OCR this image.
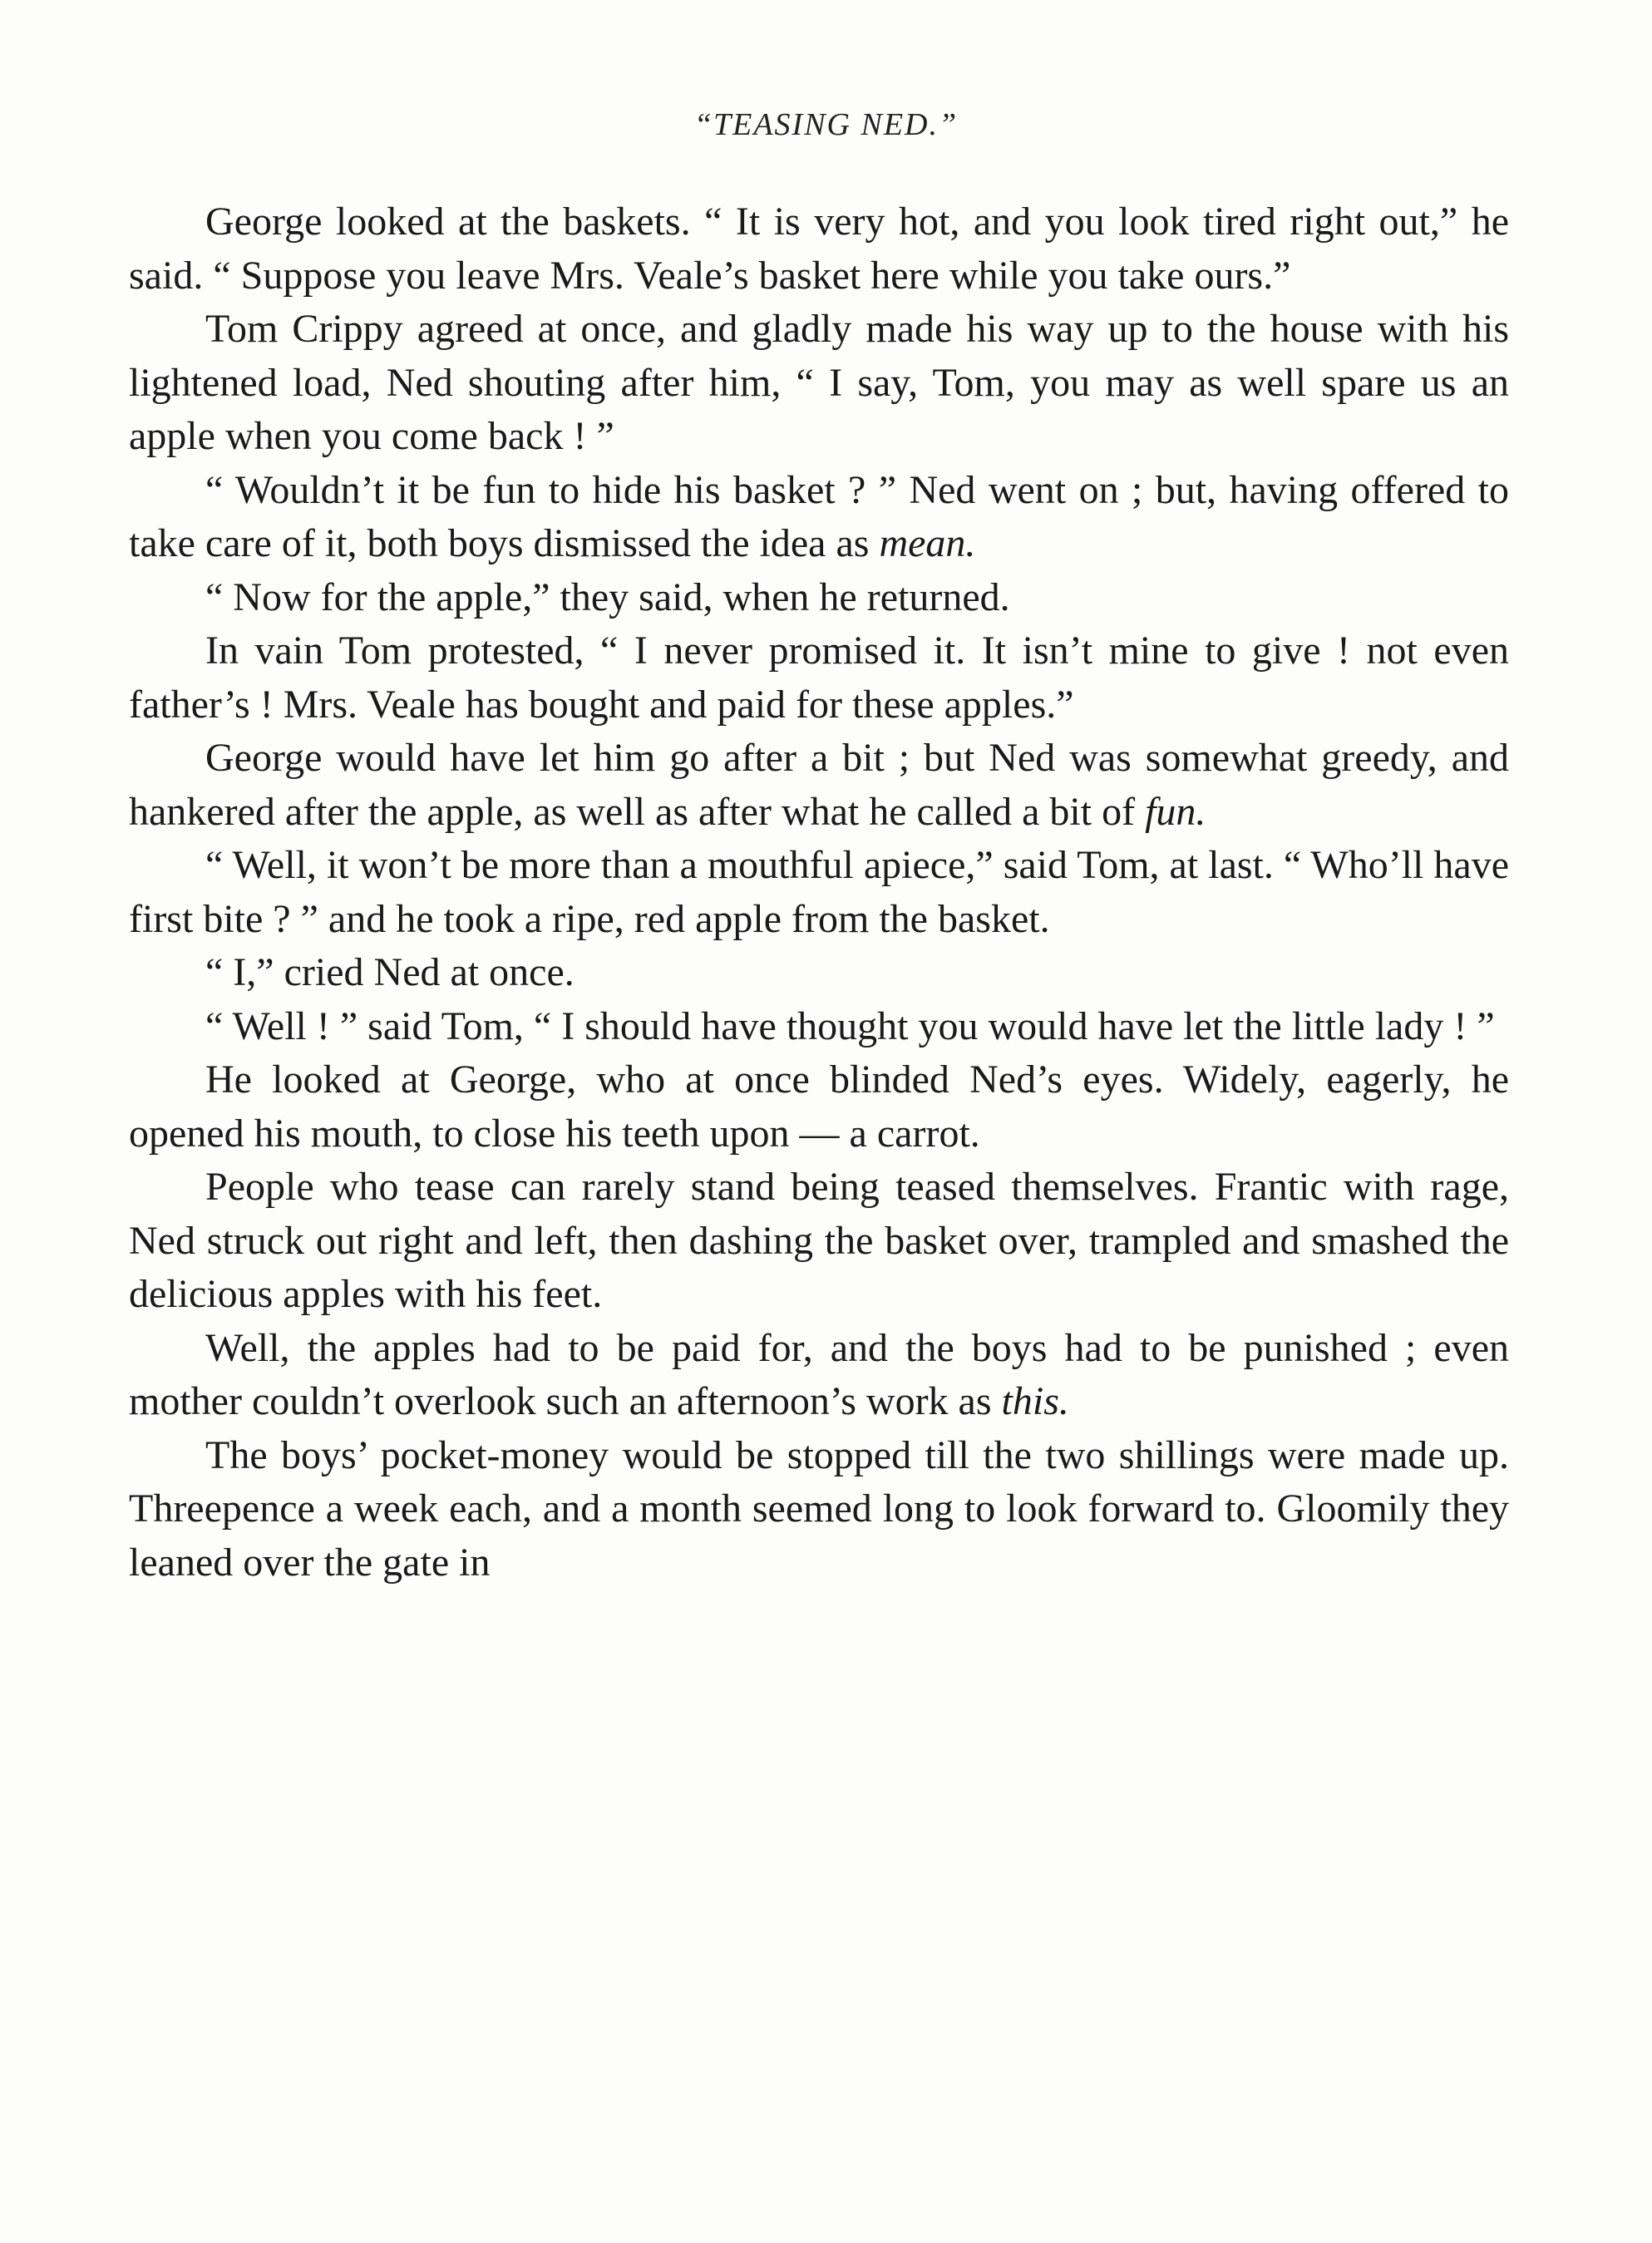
“TEASING NED.”

George looked at the baskets. “ It is very hot, and you look tired right out,” he said. “ Suppose you leave Mrs. Veale’s basket here while you take ours.”

Tom Crippy agreed at once, and gladly made his way up to the house with his lightened load, Ned shouting after him, “ I say, Tom, you may as well spare us an apple when you come back ! ”

“ Wouldn’t it be fun to hide his basket ? ” Ned went on ; but, having offered to take care of it, both boys dismissed the idea as mean.

“ Now for the apple,” they said, when he returned.

In vain Tom protested, “ I never promised it. It isn’t mine to give ! not even father’s ! Mrs. Veale has bought and paid for these apples.”

George would have let him go after a bit ; but Ned was somewhat greedy, and hankered after the apple, as well as after what he called a bit of fun.

“ Well, it won’t be more than a mouthful apiece,” said Tom, at last. “ Who’ll have first bite ? ” and he took a ripe, red apple from the basket.

“ I,” cried Ned at once.

“ Well ! ” said Tom, “ I should have thought you would have let the little lady ! ”

He looked at George, who at once blinded Ned’s eyes. Widely, eagerly, he opened his mouth, to close his teeth upon — a carrot.

People who tease can rarely stand being teased themselves. Frantic with rage, Ned struck out right and left, then dashing the basket over, trampled and smashed the delicious apples with his feet.

Well, the apples had to be paid for, and the boys had to be punished ; even mother couldn’t overlook such an afternoon’s work as this.

The boys’ pocket-money would be stopped till the two shillings were made up. Threepence a week each, and a month seemed long to look forward to. Gloomily they leaned over the gate in
